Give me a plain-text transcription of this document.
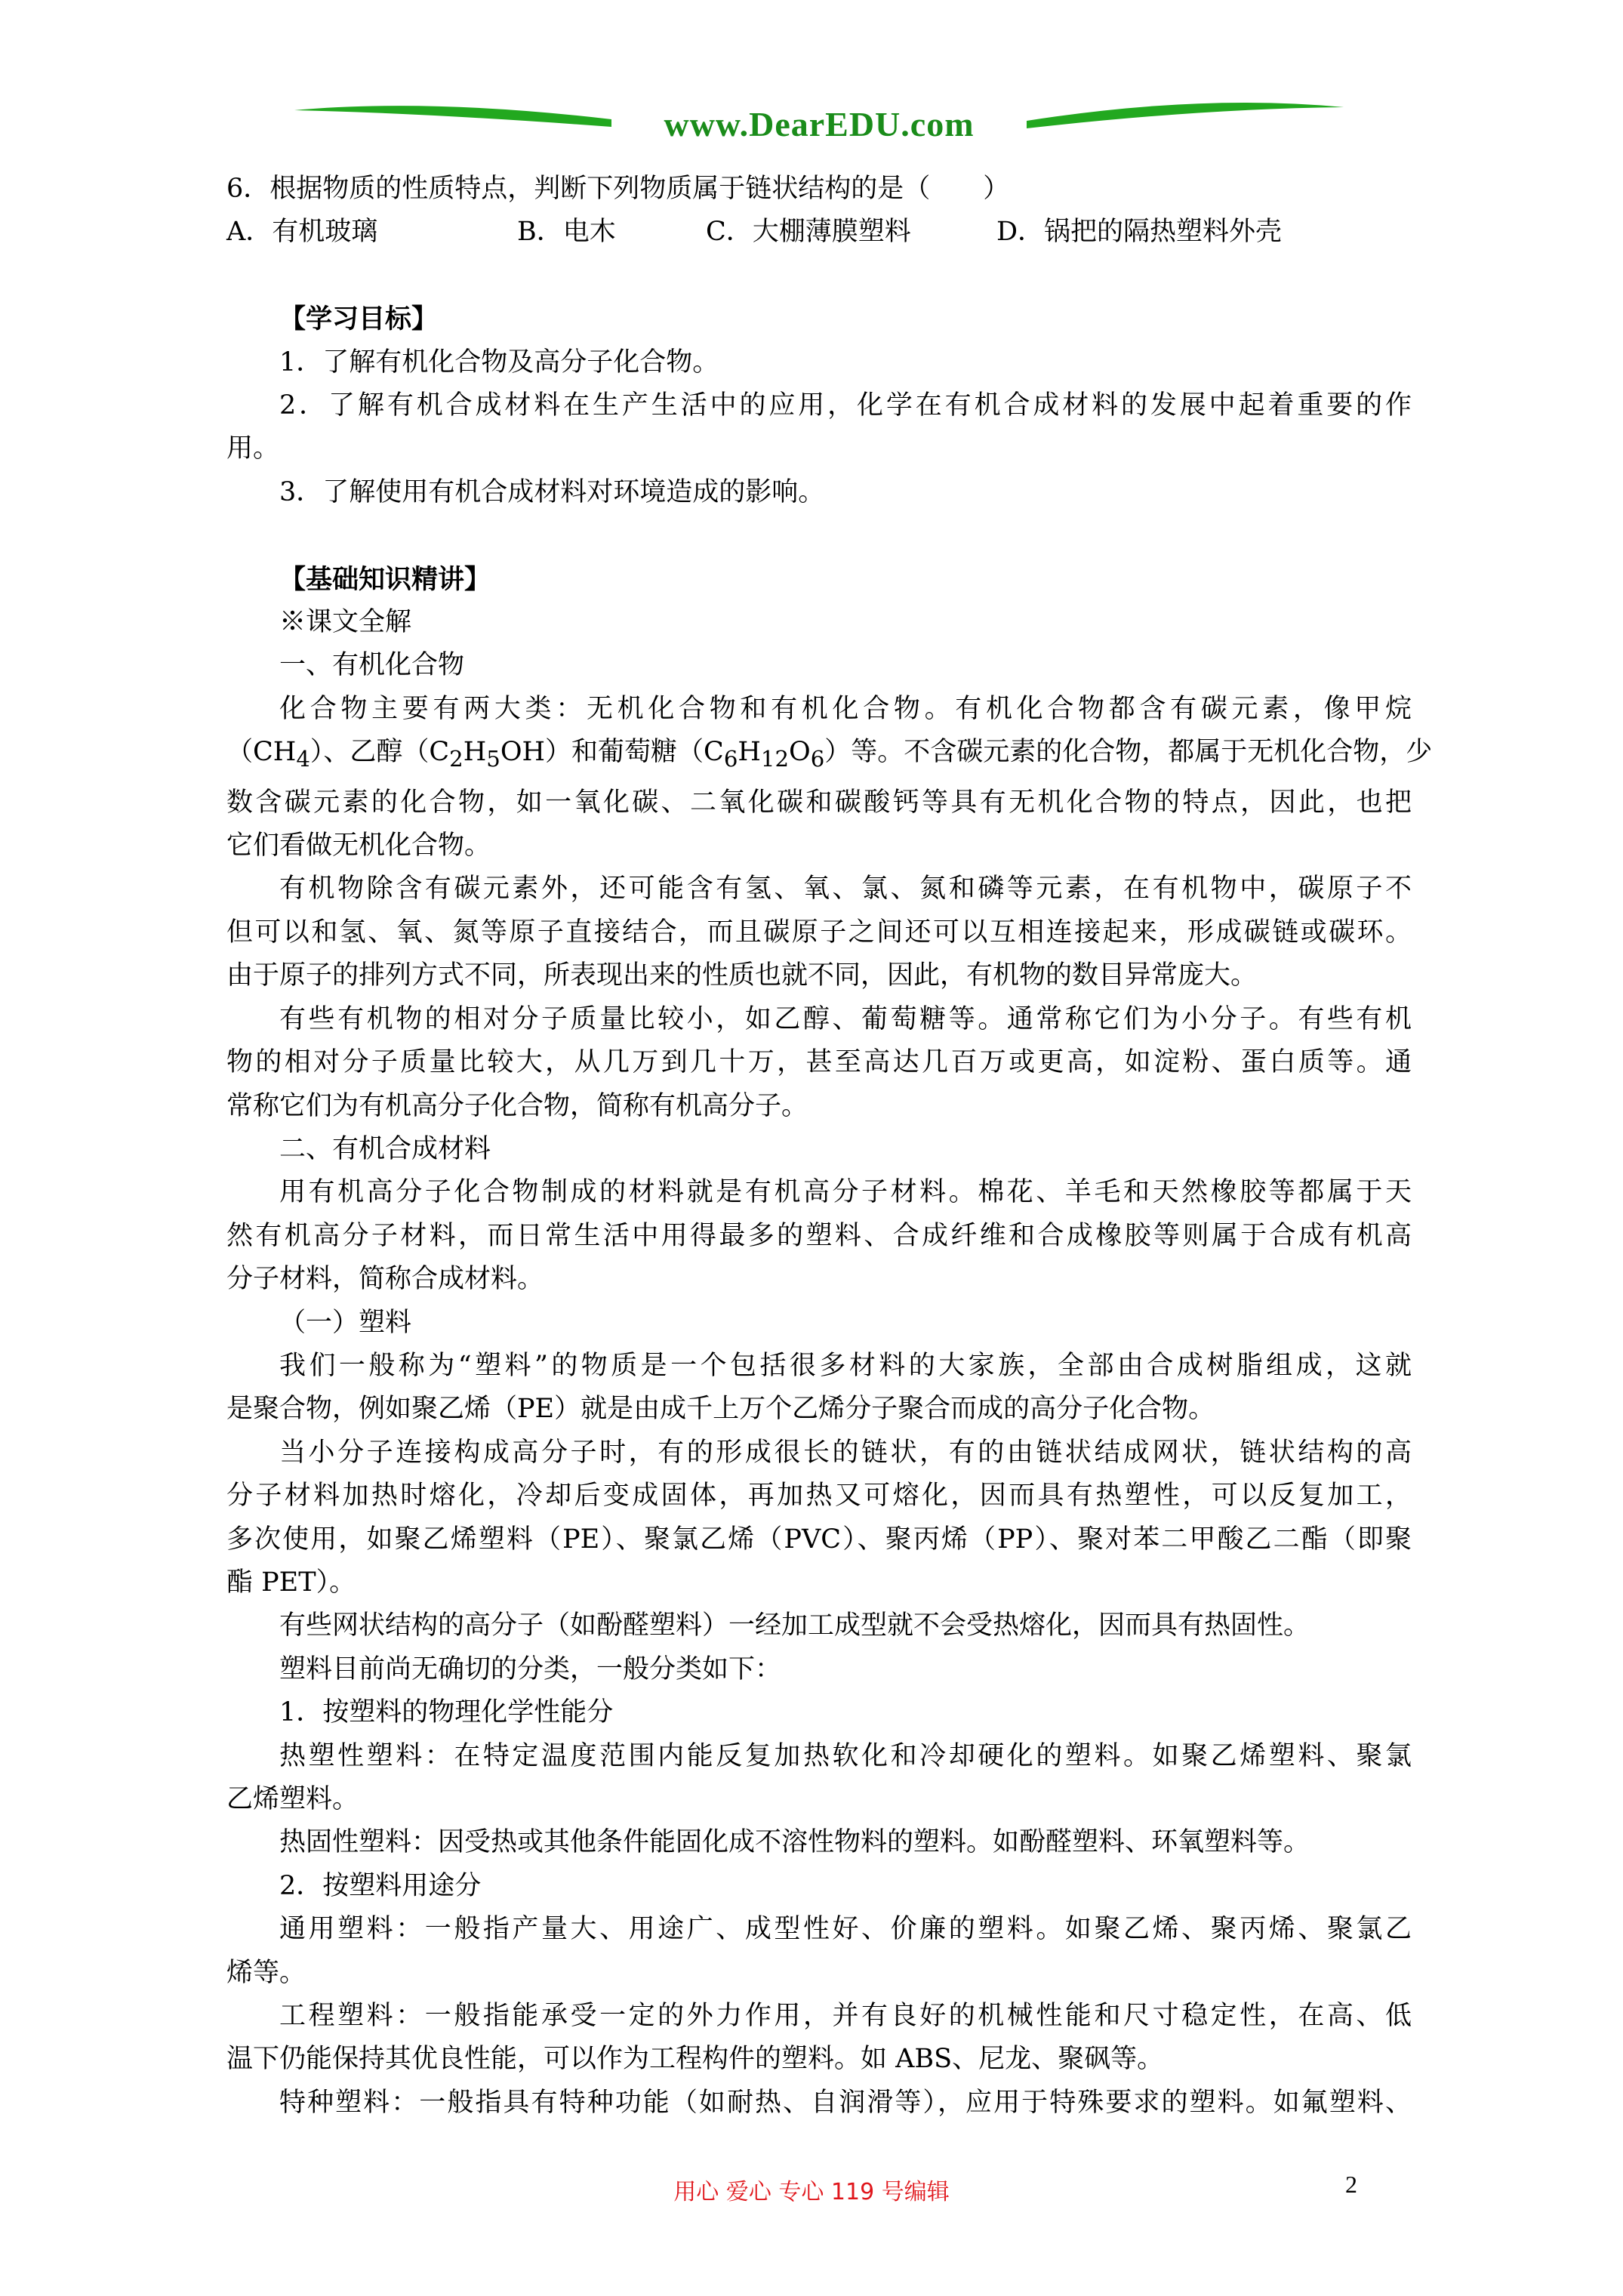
www.DearEDU.com

6．根据物质的性质特点，判断下列物质属于链状结构的是（　　）

A．有机玻璃	B．电木	C．大棚薄膜塑料	D．锅把的隔热塑料外壳

【学习目标】

1．了解有机化合物及高分子化合物。

2．了解有机合成材料在生产生活中的应用，化学在有机合成材料的发展中起着重要的作

用。

3．了解使用有机合成材料对环境造成的影响。

【基础知识精讲】

※课文全解

一、有机化合物

化合物主要有两大类：无机化合物和有机化合物。有机化合物都含有碳元素，像甲烷

$(CH_4)$、乙醇$(C_2H_5OH)$和葡萄糖$(C_6H_{12}O_6)$等。不含碳元素的化合物，都属于无机化合物，少

数含碳元素的化合物，如一氧化碳、二氧化碳和碳酸钙等具有无机化合物的特点，因此，也把

它们看做无机化合物。

有机物除含有碳元素外，还可能含有氢、氧、氯、氮和磷等元素，在有机物中，碳原子不

但可以和氢、氧、氮等原子直接结合，而且碳原子之间还可以互相连接起来，形成碳链或碳环。

由于原子的排列方式不同，所表现出来的性质也就不同，因此，有机物的数目异常庞大。

有些有机物的相对分子质量比较小，如乙醇、葡萄糖等。通常称它们为小分子。有些有机

物的相对分子质量比较大，从几万到几十万，甚至高达几百万或更高，如淀粉、蛋白质等。通

常称它们为有机高分子化合物，简称有机高分子。

二、有机合成材料

用有机高分子化合物制成的材料就是有机高分子材料。棉花、羊毛和天然橡胶等都属于天

然有机高分子材料，而日常生活中用得最多的塑料、合成纤维和合成橡胶等则属于合成有机高

分子材料，简称合成材料。

（一）塑料

我们一般称为“塑料”的物质是一个包括很多材料的大家族，全部由合成树脂组成，这就

是聚合物，例如聚乙烯（PE）就是由成千上万个乙烯分子聚合而成的高分子化合物。

当小分子连接构成高分子时，有的形成很长的链状，有的由链状结成网状，链状结构的高

分子材料加热时熔化，冷却后变成固体，再加热又可熔化，因而具有热塑性，可以反复加工，

多次使用，如聚乙烯塑料（PE）、聚氯乙烯（PVC）、聚丙烯（PP）、聚对苯二甲酸乙二酯（即聚

酯 PET）。

有些网状结构的高分子（如酚醛塑料）一经加工成型就不会受热熔化，因而具有热固性。

塑料目前尚无确切的分类，一般分类如下：

1．按塑料的物理化学性能分

热塑性塑料：在特定温度范围内能反复加热软化和冷却硬化的塑料。如聚乙烯塑料、聚氯

乙烯塑料。

热固性塑料：因受热或其他条件能固化成不溶性物料的塑料。如酚醛塑料、环氧塑料等。

2．按塑料用途分

通用塑料：一般指产量大、用途广、成型性好、价廉的塑料。如聚乙烯、聚丙烯、聚氯乙

烯等。

工程塑料：一般指能承受一定的外力作用，并有良好的机械性能和尺寸稳定性，在高、低

温下仍能保持其优良性能，可以作为工程构件的塑料。如 ABS、尼龙、聚砜等。

特种塑料：一般指具有特种功能（如耐热、自润滑等），应用于特殊要求的塑料。如氟塑料、

用心 爱心 专心 119 号编辑	2
